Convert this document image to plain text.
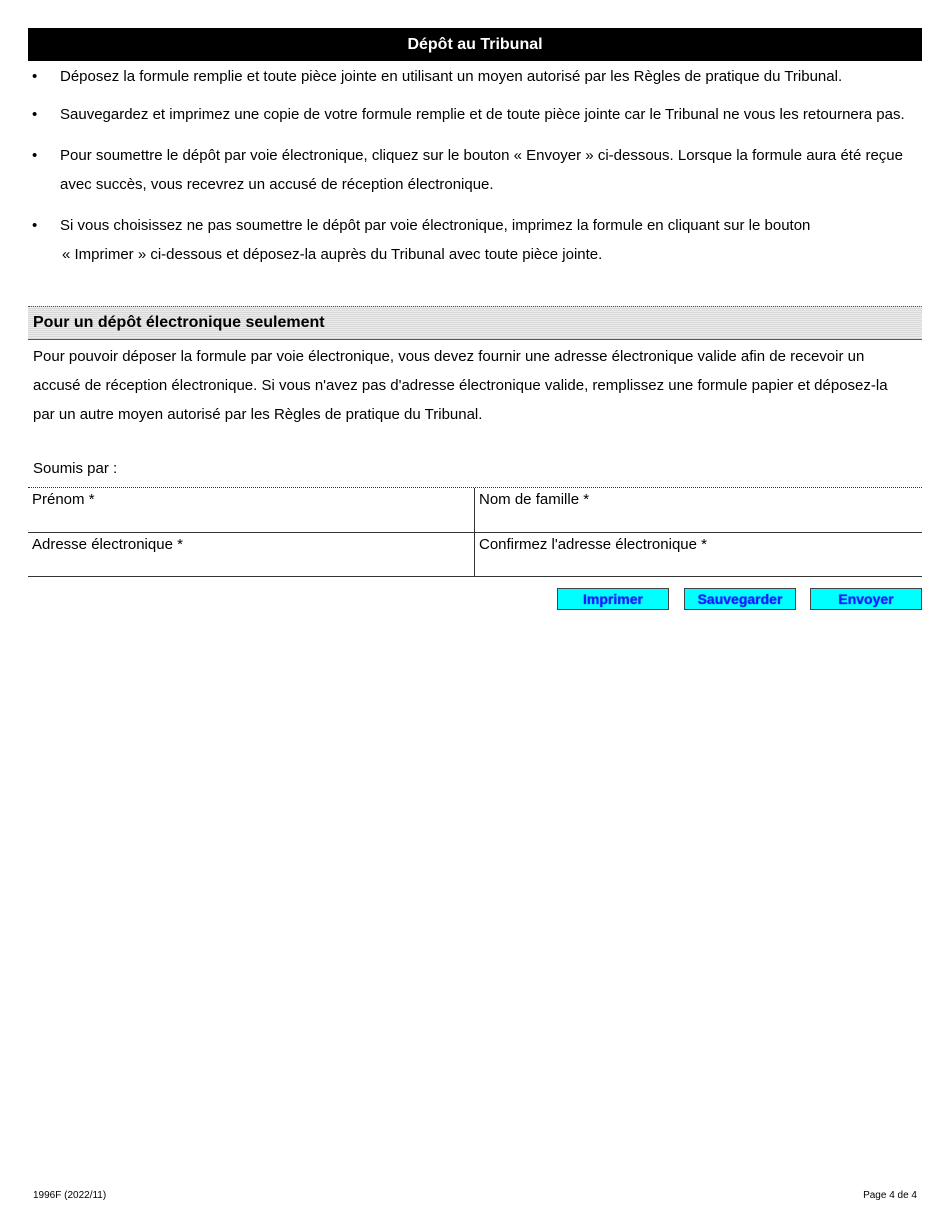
Dépôt au Tribunal
• Déposez la formule remplie et toute pièce jointe en utilisant un moyen autorisé par les Règles de pratique du Tribunal.
• Sauvegardez et imprimez une copie de votre formule remplie et de toute pièce jointe car le Tribunal ne vous les retournera pas.
• Pour soumettre le dépôt par voie électronique, cliquez sur le bouton « Envoyer » ci-dessous. Lorsque la formule aura été reçue avec succès, vous recevrez un accusé de réception électronique.
• Si vous choisissez ne pas soumettre le dépôt par voie électronique, imprimez la formule en cliquant sur le bouton
« Imprimer » ci-dessous et déposez-la auprès du Tribunal avec toute pièce jointe.
Pour un dépôt électronique seulement
Pour pouvoir déposer la formule par voie électronique, vous devez fournir une adresse électronique valide afin de recevoir un accusé de réception électronique. Si vous n'avez pas d'adresse électronique valide, remplissez une formule papier et déposez-la par un autre moyen autorisé par les Règles de pratique du Tribunal.
Soumis par :
Prénom *	Nom de famille *
Adresse électronique *	Confirmez l'adresse électronique *
Imprimer	Sauvegarder	Envoyer
1996F (2022/11)	Page 4 de 4
